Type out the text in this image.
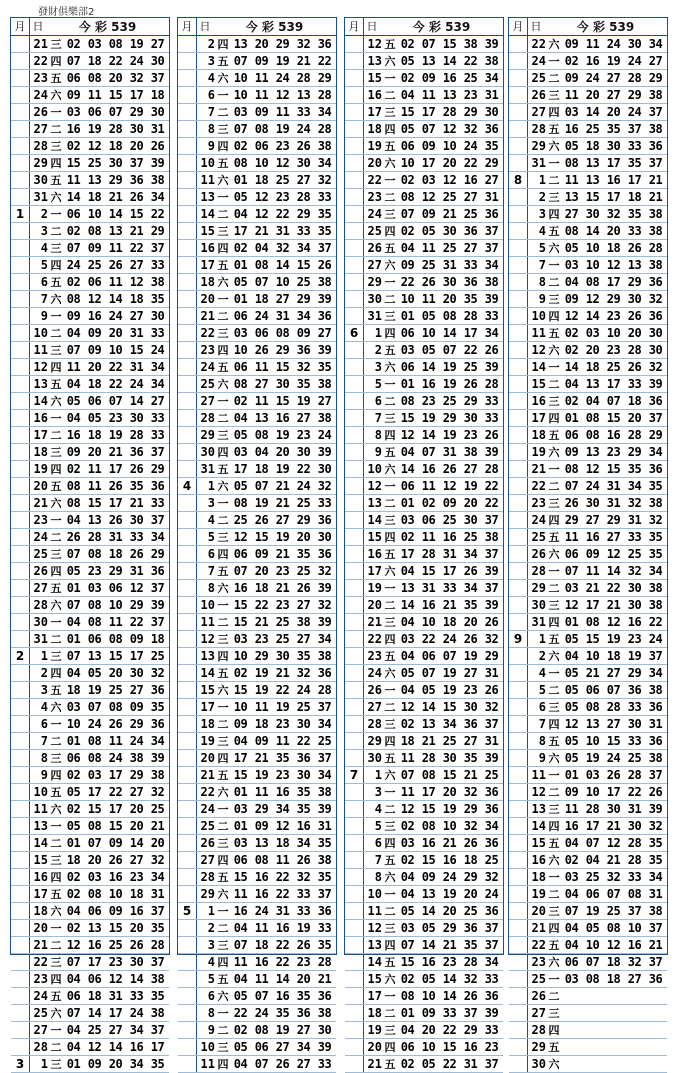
發財俱樂部2
月 日	今 彩 539
21 三 02 03 08 19 27
22 四 07 18 22 24 30
23 五 06 08 20 32 37
24 六 09 11 15 17 18
26 一 03 06 07 29 30
27 二 16 19 28 30 31
28 三 02 12 18 20 26
29 四 15 25 30 37 39
30 五 11 13 29 36 38
31 六 14 18 21 26 34
1	2 一 06 10 14 15 22
3 二 02 08 13 21 29
4 三 07 09 11 22 37
5 四 24 25 26 27 33
6 五 02 06 11 12 38
7 六 08 12 14 18 35
9 一 09 16 24 27 30
10 二 04 09 20 31 33
11 三 07 09 10 15 24
12 四 11 20 22 31 34
13 五 04 18 22 24 34
14 六 05 06 07 14 27
16 一 04 05 23 30 33
17 二 16 18 19 28 33
18 三 09 20 21 36 37
19 四 02 11 17 26 29
20 五 08 11 26 35 36
21 六 08 15 17 21 33
23 一 04 13 26 30 37
24 二 26 28 31 33 34
25 三 07 08 18 26 29
26 四 05 23 29 31 36
27 五 01 03 06 12 37
28 六 07 08 10 29 39
30 一 04 08 11 22 37
31 二 01 06 08 09 18
2	1 三 07 13 15 17 25
2 四 04 05 20 30 32
3 五 18 19 25 27 36
4 六 03 07 08 09 35
6 一 10 24 26 29 36
7 二 01 08 11 24 34
8 三 06 08 24 38 39
9 四 02 03 17 29 38
10 五 05 17 22 27 32
11 六 02 15 17 20 25
13 一 05 08 15 20 21
14 二 01 07 09 14 20
15 三 18 20 26 27 32
16 四 02 03 16 23 34
17 五 02 08 10 18 31
18 六 04 06 09 16 37
20 一 02 13 15 20 35
21 二 12 16 25 26 28
22 三 07 17 23 30 37
23 四 04 06 12 14 38
24 五 06 18 31 33 35
25 六 07 14 17 24 38
27 一 04 25 27 34 37
28 二 04 12 14 16 17
3	1 三 01 09 20 34 35
月 日	今 彩 539
2 四 13 20 29 32 36
3 五 07 09 19 21 22
4 六 10 11 24 28 29
6 一 10 11 12 13 28
7 二 03 09 11 33 34
8 三 07 08 19 24 28
9 四 02 06 23 26 38
10 五 08 10 12 30 34
11 六 01 18 25 27 32
13 一 05 12 23 28 33
14 二 04 12 22 29 35
15 三 17 21 31 33 35
16 四 02 04 32 34 37
17 五 01 08 14 15 26
18 六 05 07 10 25 38
20 一 01 18 27 29 39
21 二 06 24 31 34 36
22 三 03 06 08 09 27
23 四 10 26 29 36 39
24 五 06 11 15 32 35
25 六 08 27 30 35 38
27 一 02 11 15 19 27
28 二 04 13 16 27 38
29 三 05 08 19 23 24
30 四 03 04 20 30 39
31 五 17 18 19 22 30
4	1 六 05 07 21 24 32
3 一 08 19 21 25 33
4 二 25 26 27 29 36
5 三 12 15 19 20 30
6 四 06 09 21 35 36
7 五 07 20 23 25 32
8 六 16 18 21 26 39
10 一 15 22 23 27 32
11 二 15 21 25 38 39
12 三 03 23 25 27 34
13 四 10 29 30 35 38
14 五 02 19 21 32 36
15 六 15 19 22 24 28
17 一 10 11 19 25 37
18 二 09 18 23 30 34
19 三 04 09 11 22 25
20 四 17 21 35 36 37
21 五 15 19 23 30 34
22 六 01 11 16 35 38
24 一 03 29 34 35 39
25 二 01 09 12 16 31
26 三 03 13 18 34 35
27 四 06 08 11 26 38
28 五 15 16 22 32 35
29 六 11 16 22 33 37
5	1 一 16 24 31 33 36
2 二 04 11 16 19 33
3 三 07 18 22 26 35
4 四 11 16 22 23 28
5 五 04 11 14 20 21
6 六 05 07 16 35 36
8 一 22 24 35 36 38
9 二 02 08 19 27 30
10 三 05 06 27 34 39
11 四 04 07 26 27 33
月 日	今 彩 539
12 五 02 07 15 38 39
13 六 05 13 14 22 38
15 一 02 09 16 25 34
16 二 04 11 13 23 31
17 三 15 17 28 29 30
18 四 05 07 12 32 36
19 五 06 09 10 24 35
20 六 10 17 20 22 29
22 一 02 03 12 16 27
23 二 08 12 25 27 31
24 三 07 09 21 25 36
25 四 02 05 30 36 37
26 五 04 11 25 27 37
27 六 09 25 31 33 34
29 一 22 26 30 36 38
30 二 10 11 20 35 39
31 三 01 05 08 28 33
6	1 四 06 10 14 17 34
2 五 03 05 07 22 26
3 六 06 14 19 25 39
5 一 01 16 19 26 28
6 二 08 23 25 29 33
7 三 15 19 29 30 33
8 四 12 14 19 23 26
9 五 04 07 31 38 39
10 六 14 16 26 27 28
12 一 06 11 12 19 22
13 二 01 02 09 20 22
14 三 03 06 25 30 37
15 四 02 11 16 25 38
16 五 17 28 31 34 37
17 六 04 15 17 26 39
19 一 13 31 33 34 37
20 二 14 16 21 35 39
21 三 04 10 18 20 26
22 四 03 22 24 26 32
23 五 04 06 07 19 29
24 六 05 07 19 27 31
26 一 04 05 19 23 26
27 二 12 14 15 30 32
28 三 02 13 34 36 37
29 四 18 21 25 27 31
30 五 11 28 30 35 39
7	1 六 07 08 15 21 25
3 一 11 17 20 32 36
4 二 12 15 19 29 36
5 三 02 08 10 32 34
6 四 03 16 21 26 36
7 五 02 15 16 18 25
8 六 04 09 24 29 32
10 一 04 13 19 20 24
11 二 05 14 20 25 36
12 三 03 05 29 36 37
13 四 07 14 21 35 37
14 五 15 16 23 28 34
15 六 02 05 14 32 33
17 一 08 10 14 26 36
18 二 01 09 33 37 39
19 三 04 20 22 29 33
20 四 06 10 15 16 23
21 五 02 05 22 31 37
月 日	今 彩 539
22 六 09 11 24 30 34
24 一 02 16 19 24 27
25 二 09 24 27 28 29
26 三 11 20 27 29 38
27 四 03 14 20 24 37
28 五 16 25 35 37 38
29 六 05 18 30 33 36
31 一 08 13 17 35 37
8	1 二 11 13 16 17 21
2 三 13 15 17 18 21
3 四 27 30 32 35 38
4 五 08 14 20 33 38
5 六 05 10 18 26 28
7 一 03 10 12 13 38
8 二 04 08 17 29 36
9 三 09 12 29 30 32
10 四 12 14 23 26 36
11 五 02 03 10 20 30
12 六 02 20 23 28 30
14 一 14 18 25 26 32
15 二 04 13 17 33 39
16 三 02 04 07 18 36
17 四 01 08 15 20 37
18 五 06 08 16 28 29
19 六 09 13 23 29 34
21 一 08 12 15 35 36
22 二 07 24 31 34 35
23 三 26 30 31 32 38
24 四 29 27 29 31 32
25 五 11 16 27 33 35
26 六 06 09 12 25 35
28 一 07 11 14 32 34
29 二 03 21 22 30 38
30 三 12 17 21 30 38
31 四 01 08 12 16 22
9	1 五 05 15 19 23 24
2 六 04 10 18 19 37
4 一 05 21 27 29 34
5 二 05 06 07 36 38
6 三 05 08 28 33 36
7 四 12 13 27 30 31
8 五 05 10 15 33 36
9 六 05 19 24 25 38
11 一 01 03 26 28 37
12 二 09 10 17 22 26
13 三 11 28 30 31 39
14 四 16 17 21 30 32
15 五 04 07 12 28 35
16 六 02 04 21 28 35
18 一 03 25 32 33 34
19 二 04 06 07 08 31
20 三 07 19 25 37 38
21 四 04 05 08 10 37
22 五 04 10 12 16 21
23 六 06 07 18 32 37
25 一 03 08 18 27 36
26 二
27 三
28 四
29 五
30 六
